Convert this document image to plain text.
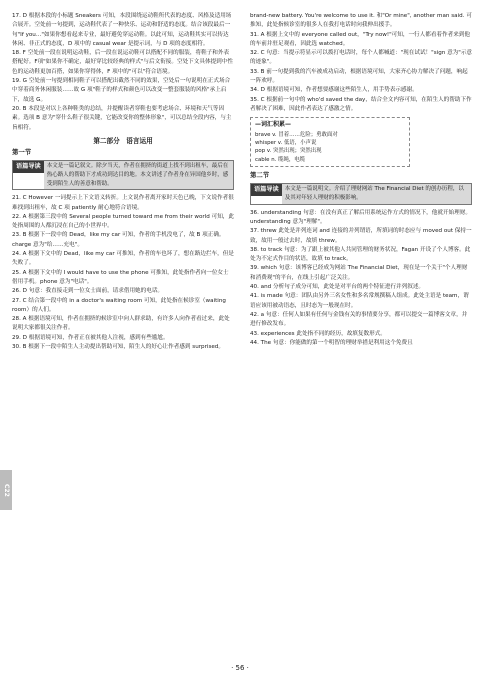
17. D 根据本段的小标题 Sneakers 可知，本段围绕运动鞋所代表的态度、风格及适用场合展开。空处前一句提到，运动鞋代表了一种快乐、运动和舒适的态度。结合该段最后一句"If you…"如果你想看起来专业，最好避免穿运动鞋。以此可知，运动鞋其实可以传达休闲、非正式的态度，D 项中的 casual wear 是提示词，与 D 项的态度相符。

18. F 空处前一段在说明运动鞋，后一段在说运动鞋可以搭配不同的服装，将鞋子和外表搭配好。F项"如果你不确定，最好穿比较经典的样式"与后文衔接。空处下文具体提到中性色的运动鞋更加百搭，如果你穿得体，F 项中的"可以"符合语境。

19. G 空处前一句提到相同鞋子可以搭配出截然不同的效果，空处后一句说明在正式场合中穿着商务休闲服装……故 G 项"鞋子的样式和颜色可以改变一整套服装的风格"承上启下，故选 G。

20. B 本段是对以上各种鞋类的总结，并提醒读者穿鞋也要考虑场合、环境和天气等因素。选项 B 意为"穿什么鞋子很关键，它能改变你的整体形象"，可以总结全段内容，与主旨相符。

第二部分　语言运用
第一节
语篇导读	本文是一篇记叙文。除夕当天，作者在拥挤的街道上找不到出租车，最后在热心路人的帮助下才成功到达目的地。本文讲述了作者身在异国他乡时，感受到陌生人的善意和帮助。

21. C However 一词提示上下文语义转折。上文说作者离开家时天色已晚，下文说作者很难找到出租车，故 C 项 patiently 耐心地符合语境。

22. A 根据第三段中的 Several people turned toward me from their world 可知，此处指周围的人都沉浸在自己的小世界中。

23. B 根据下一段中的 Dead，like my car 可知，作者的手机没电了，故 B 项正确。charge 意为"给……充电"。

24. A 根据下文中的 Dead，like my car 可推知，作者的车也坏了，想在路边拦车，但是失败了。

25. A 根据下文中的 I would have to use the phone 可推知，此处指作者向一位女士借用手机。phone 意为"电话"。

26. D 句意：我直接走到一位女士面前，请求借用她的电话。

27. C 结合第一段中的 in a doctor's waiting room 可知，此处指在候诊室（waiting room）的人们。

28. A 根据语境可知，作者在拥挤的候诊室中向人群求助，有许多人向作者看过来，此处说明大家都很关注作者。

29. D 根据语境可知，作者正在被其他人注视，感到有些尴尬。

30. B 根据下一段中陌生人主动提出帮助可知，陌生人的好心让作者感到 surprised。

brand-new battery. You're welcome to use it. 和"Or mine", another man said. 可推知，此处指候诊室的很多人在我打电话时向我伸出援手。

31. A 根据上文中的 everyone called out，"Try now!"可知，一行人都看着作者来到他的车前并驻足观看，因此选 watched。

32. C 句意：当提示符显示可以拨打电话时，每个人都喊道："现在试试！"sign 意为"示意的迹象"。

33. B 前一句提到我的汽车被成功启动，根据语境可知，大家齐心协力解决了问题，响起一阵欢呼。

34. D 根据语境可知，作者想要感谢这些陌生人，用手势表示感谢。

35. C 根据前一句中的 who'd saved the day，结合全文内容可知，在陌生人的帮助下作者解决了困难，因此作者表达了感激之情。

—词汇积累—

brave v. 冒着……危险；勇敢面对

whisper v. 低语，小声说

pop v. 突然出现；突然出现

cable n. 缆绳，电缆

第二节
语篇导读	本文是一篇说明文。介绍了理财网站 The Financial Diet 的创办历程，以及其对年轻人理财的积极影响。

36. understanding 句意：在没有真正了解后用系统运作方式的情况下，他就开始理财。understanding 意为"理解"。

37. threw 此处是并列连词 and 连接的并列谓语，所填词的时态应与 moved out 保持一致，故用一般过去时，故填 threw。

38. to track 句意：为了跟上被其他人共同管理的财务状况，Fagan 开设了个人博客。此处为不定式作目的状语，故填 to track。

39. which 句意：该博客已经成为网站 The Financial Diet，现在是一个关于"个人理财和消费观"的平台，在线上引起广泛关注。

40. and 分析句子成分可知，此处是对平台的两个特征进行并列叙述。

41. is made 句意：团队由另外三名女性和多名常规撰稿人组成。此处主语是 team，谓语应该用被动语态，且时态为一般现在时。

42. a 句意：任何人如果有任何与金钱有关的事情要分享，都可以提交一篇博客文章，并进行修改发布。

43. experiences 此处指不同的经历，故填复数形式。

44. The 句意：你能做的第一个明智的理财举措是利用这个免费且

C22
· 56 ·
